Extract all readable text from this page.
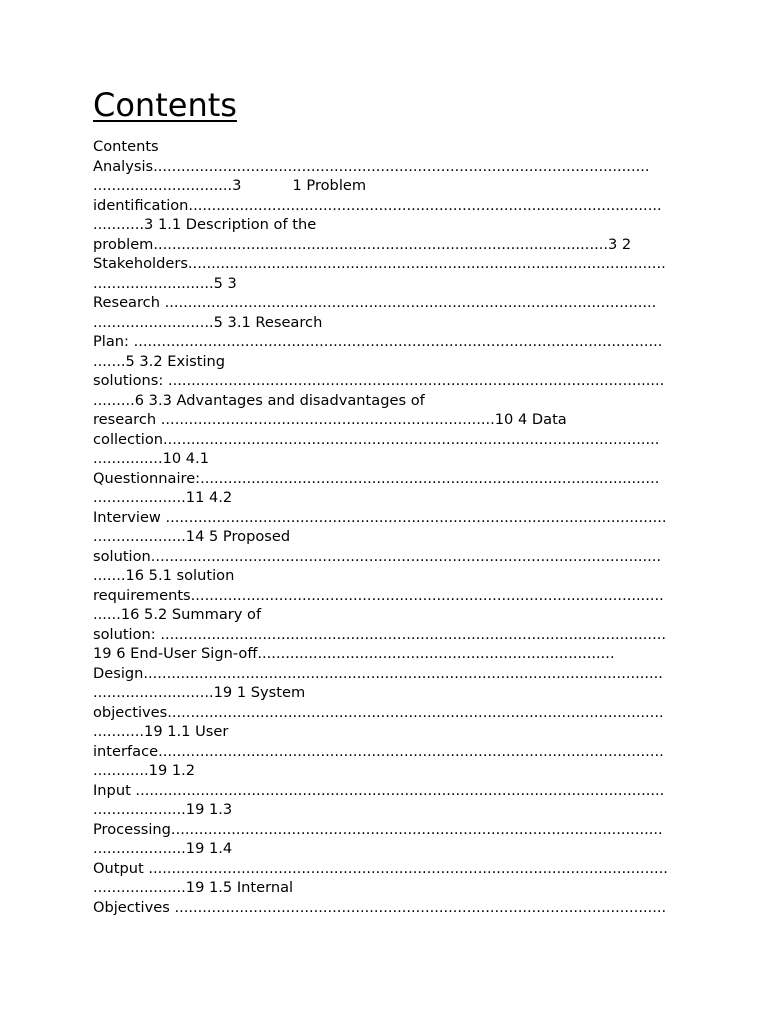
Contents
Contents
Analysis...........................................................................................................
..............................3           1 Problem
identification......................................................................................................
...........3 1.1 Description of the
problem..................................................................................................3 2
Stakeholders.......................................................................................................
..........................5 3
Research ..........................................................................................................
..........................5 3.1 Research
Plan: ..................................................................................................................
.......5 3.2 Existing
solutions: ...........................................................................................................
.........6 3.3 Advantages and disadvantages of
research ........................................................................10 4 Data
collection...........................................................................................................
...............10 4.1
Questionnaire:...................................................................................................
....................11 4.2
Interview ............................................................................................................
....................14 5 Proposed
solution..............................................................................................................
.......16 5.1 solution
requirements......................................................................................................
......16 5.2 Summary of
solution: .............................................................................................................
19 6 End-User Sign-off.............................................................................
Design................................................................................................................
..........................19 1 System
objectives...........................................................................................................
...........19 1.1 User
interface.............................................................................................................
............19 1.2
Input ..................................................................................................................
....................19 1.3
Processing..........................................................................................................
....................19 1.4
Output ................................................................................................................
....................19 1.5 Internal
Objectives ..........................................................................................................
